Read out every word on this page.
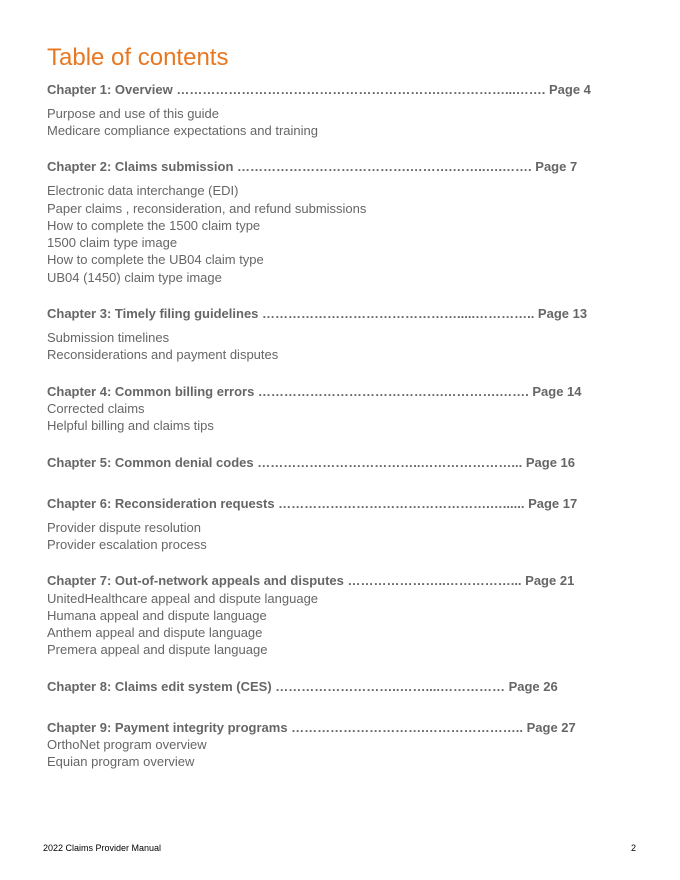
Table of contents
Chapter 1: Overview …………………………………………………….……………...……. Page 4
Purpose and use of this guide
Medicare compliance expectations and training
Chapter 2: Claims submission ………………………………….……….……..….……. Page 7
Electronic data interchange (EDI)
Paper claims , reconsideration, and refund submissions
How to complete the 1500 claim type
1500 claim type image
How to complete the UB04 claim type
UB04 (1450) claim type image
Chapter 3: Timely filing guidelines ……………………………………….....………….. Page 13
Submission timelines
Reconsiderations and payment disputes
Chapter 4: Common billing errors …………………………………….………….……. Page 14
Corrected claims
Helpful billing and claims tips
Chapter 5: Common denial codes ………………………………..…………………... Page 16
Chapter 6: Reconsideration requests ………………………………………….…...... Page 17
Provider dispute resolution
Provider escalation process
Chapter 7: Out-of-network appeals and disputes …………………..……………... Page 21
UnitedHealthcare appeal and dispute language
Humana appeal and dispute language
Anthem appeal and dispute language
Premera appeal and dispute language
Chapter 8: Claims edit system (CES) ………………………..……....…………… Page 26
Chapter 9: Payment integrity programs ………………………….………………….. Page 27
OrthoNet program overview
Equian program overview
2022 Claims Provider Manual	2
